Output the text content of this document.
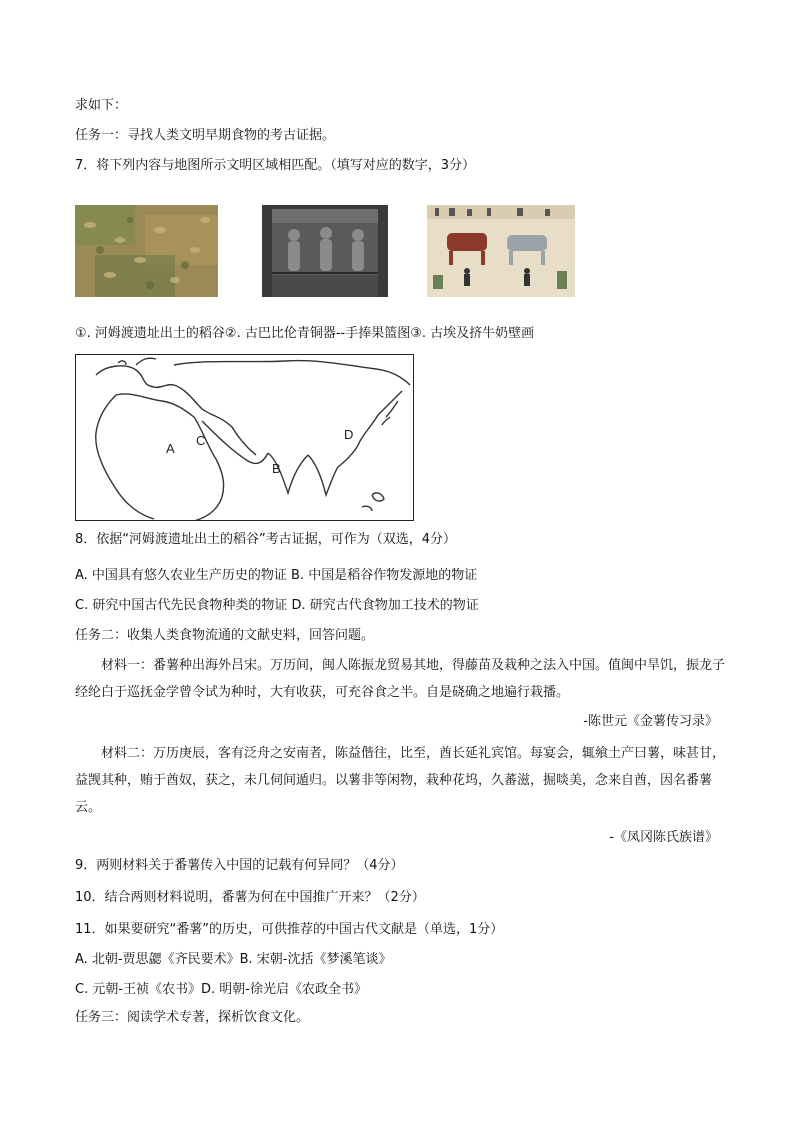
求如下：
任务一：寻找人类文明早期食物的考古证据。
7．将下列内容与地图所示文明区域相匹配。（填写对应的数字，3分）
①. 河姆渡遗址出土的稻谷②. 古巴比伦青铜器--手捧果篮图③. 古埃及挤牛奶壁画
A
C
B
D
8．依据“河姆渡遗址出土的稻谷”考古证据，可作为（双选，4分）
A. 中国具有悠久农业生产历史的物证 B. 中国是稻谷作物发源地的物证
C. 研究中国古代先民食物种类的物证 D. 研究古代食物加工技术的物证
任务二：收集人类食物流通的文献史料，回答问题。
材料一：番薯种出海外吕宋。万历间，闽人陈振龙贸易其地，得藤苗及栽种之法入中国。值闽中旱饥，振龙子经纶白于巡抚金学曾令试为种时，大有收获，可充谷食之半。自是硗确之地遍行栽播。
-陈世元《金薯传习录》
材料二：万历庚辰，客有泛舟之安南者，陈益偕往，比至，酋长延礼宾馆。每宴会，辄飨土产曰薯，味甚甘，益觊其种，贿于酋奴，获之，未几伺间遁归。以薯非等闲物，栽种花坞，久蕃滋，掘啖美，念来自酋，因名番薯云。
-《凤冈陈氏族谱》
9．两则材料关于番薯传入中国的记载有何异同？（4分）
10．结合两则材料说明，番薯为何在中国推广开来？（2分）
11．如果要研究“番薯”的历史，可供推荐的中国古代文献是（单选，1分）
A. 北朝-贾思勰《齐民要术》B. 宋朝-沈括《梦溪笔谈》
C. 元朝-王祯《农书》D. 明朝-徐光启《农政全书》
任务三：阅读学术专著，探析饮食文化。
